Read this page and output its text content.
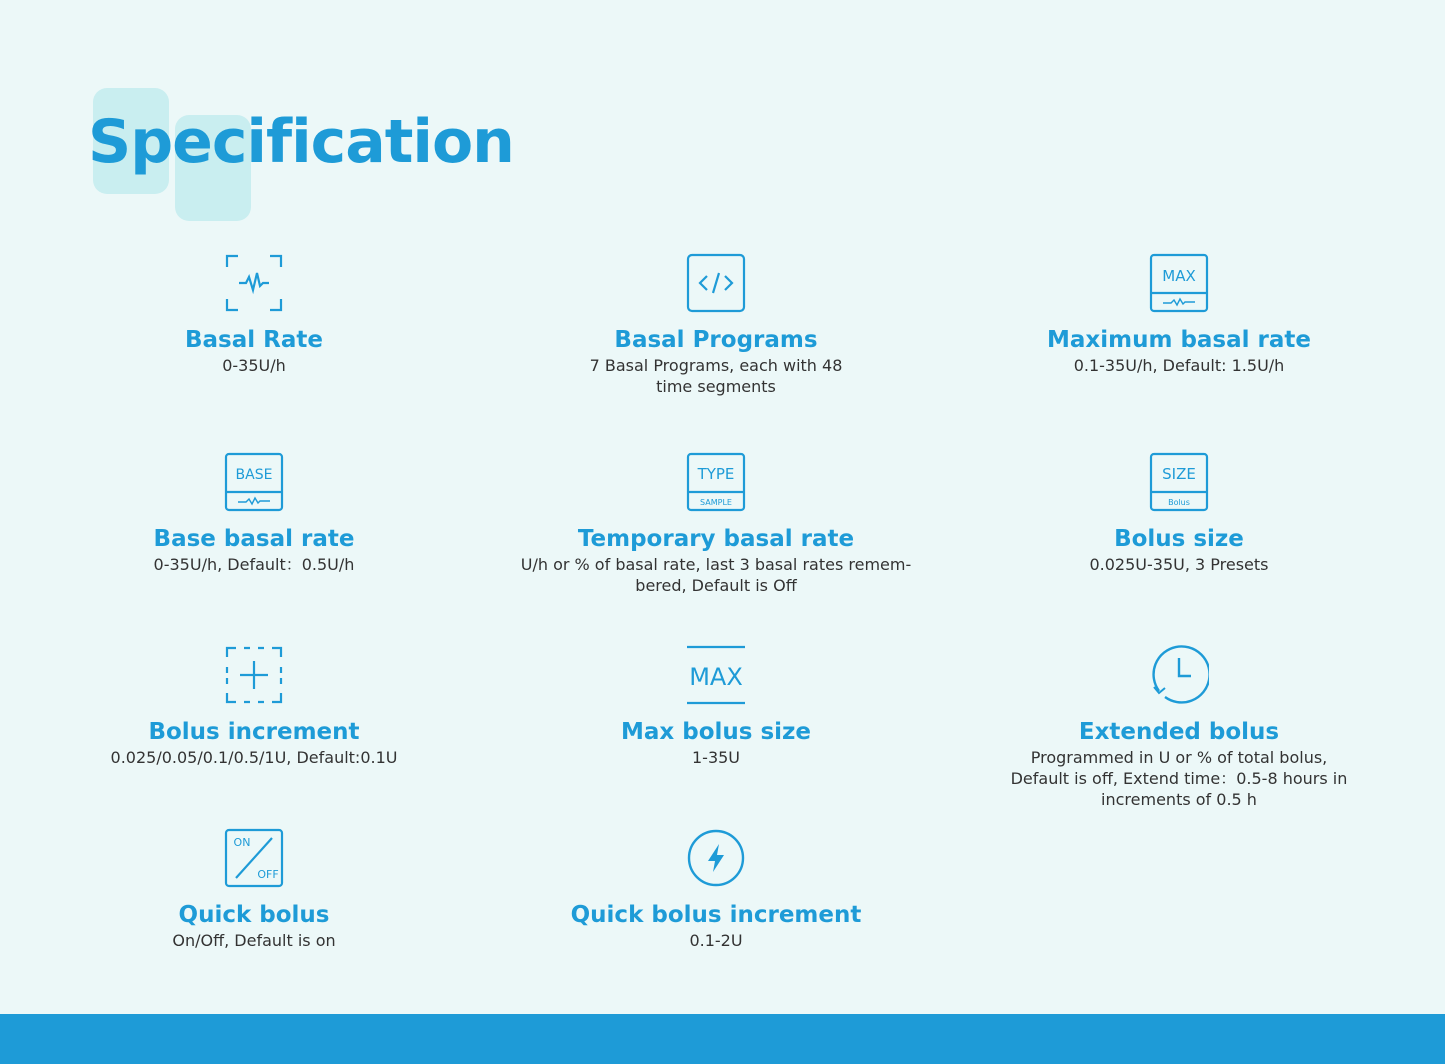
Specification
Basal Rate
0-35U/h
Basal Programs
7 Basal Programs, each with 48 time segments
MAX
Maximum basal rate
0.1-35U/h, Default: 1.5U/h
BASE
Base basal rate
0-35U/h, Default：0.5U/h
TYPE
SAMPLE
Temporary basal rate
U/h or % of basal rate, last 3 basal rates remem-bered, Default is Off
SIZE
Bolus
Bolus size
0.025U-35U, 3 Presets
Bolus increment
0.025/0.05/0.1/0.5/1U, Default:0.1U
MAX
Max bolus size
1-35U
Extended bolus
Programmed in U or % of total bolus, Default is off, Extend time：0.5-8 hours in increments of 0.5 h
ON
OFF
Quick bolus
On/Off, Default is on
Quick bolus increment
0.1-2U
